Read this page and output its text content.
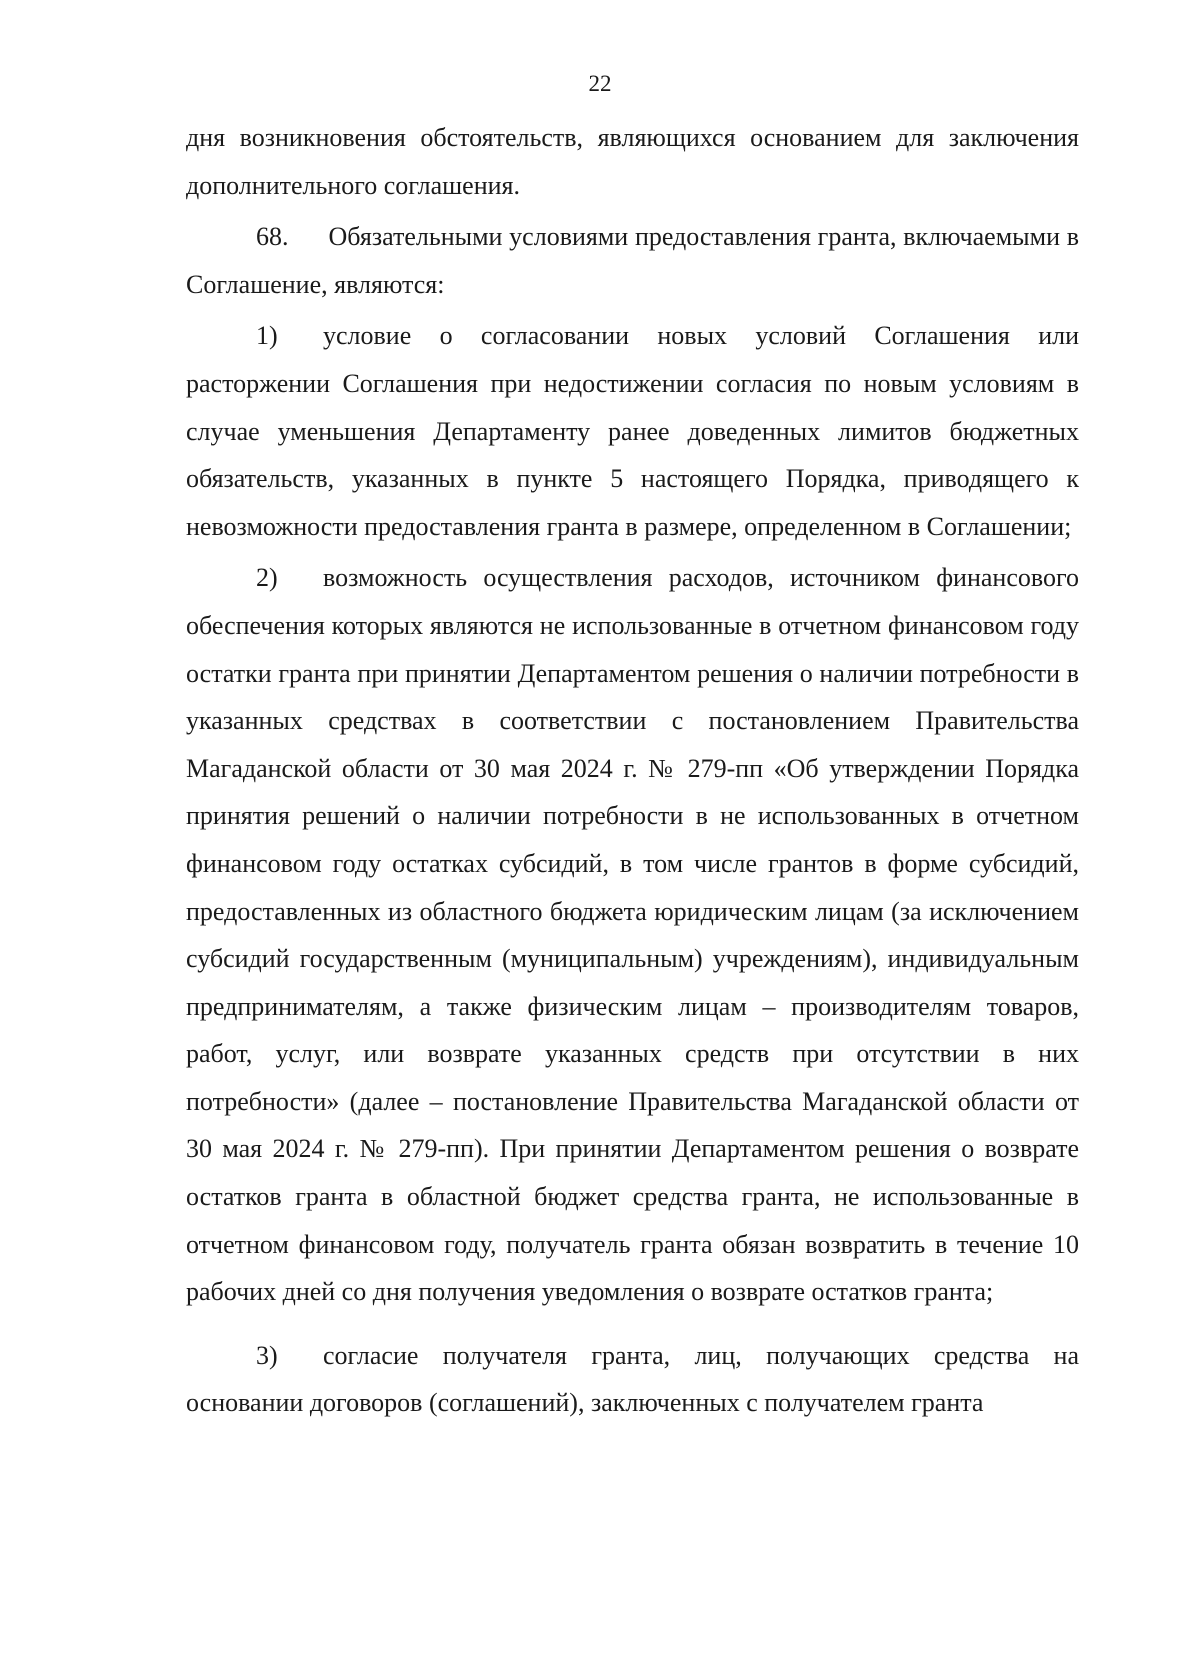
22

дня возникновения обстоятельств, являющихся основанием для заключения дополнительного соглашения.

68. Обязательными условиями предоставления гранта, включаемыми в Соглашение, являются:

1) условие о согласовании новых условий Соглашения или расторжении Соглашения при недостижении согласия по новым условиям в случае уменьшения Департаменту ранее доведенных лимитов бюджетных обязательств, указанных в пункте 5 настоящего Порядка, приводящего к невозможности предоставления гранта в размере, определенном в Соглашении;

2) возможность осуществления расходов, источником финансового обеспечения которых являются не использованные в отчетном финансовом году остатки гранта при принятии Департаментом решения о наличии потребности в указанных средствах в соответствии с постановлением Правительства Магаданской области от 30 мая 2024 г. № 279-пп «Об утверждении Порядка принятия решений о наличии потребности в не использованных в отчетном финансовом году остатках субсидий, в том числе грантов в форме субсидий, предоставленных из областного бюджета юридическим лицам (за исключением субсидий государственным (муниципальным) учреждениям), индивидуальным предпринимателям, а также физическим лицам – производителям товаров, работ, услуг, или возврате указанных средств при отсутствии в них потребности» (далее – постановление Правительства Магаданской области от 30 мая 2024 г. № 279-пп). При принятии Департаментом решения о возврате остатков гранта в областной бюджет средства гранта, не использованные в отчетном финансовом году, получатель гранта обязан возвратить в течение 10 рабочих дней со дня получения уведомления о возврате остатков гранта;

3) согласие получателя гранта, лиц, получающих средства на основании договоров (соглашений), заключенных с получателем гранта
